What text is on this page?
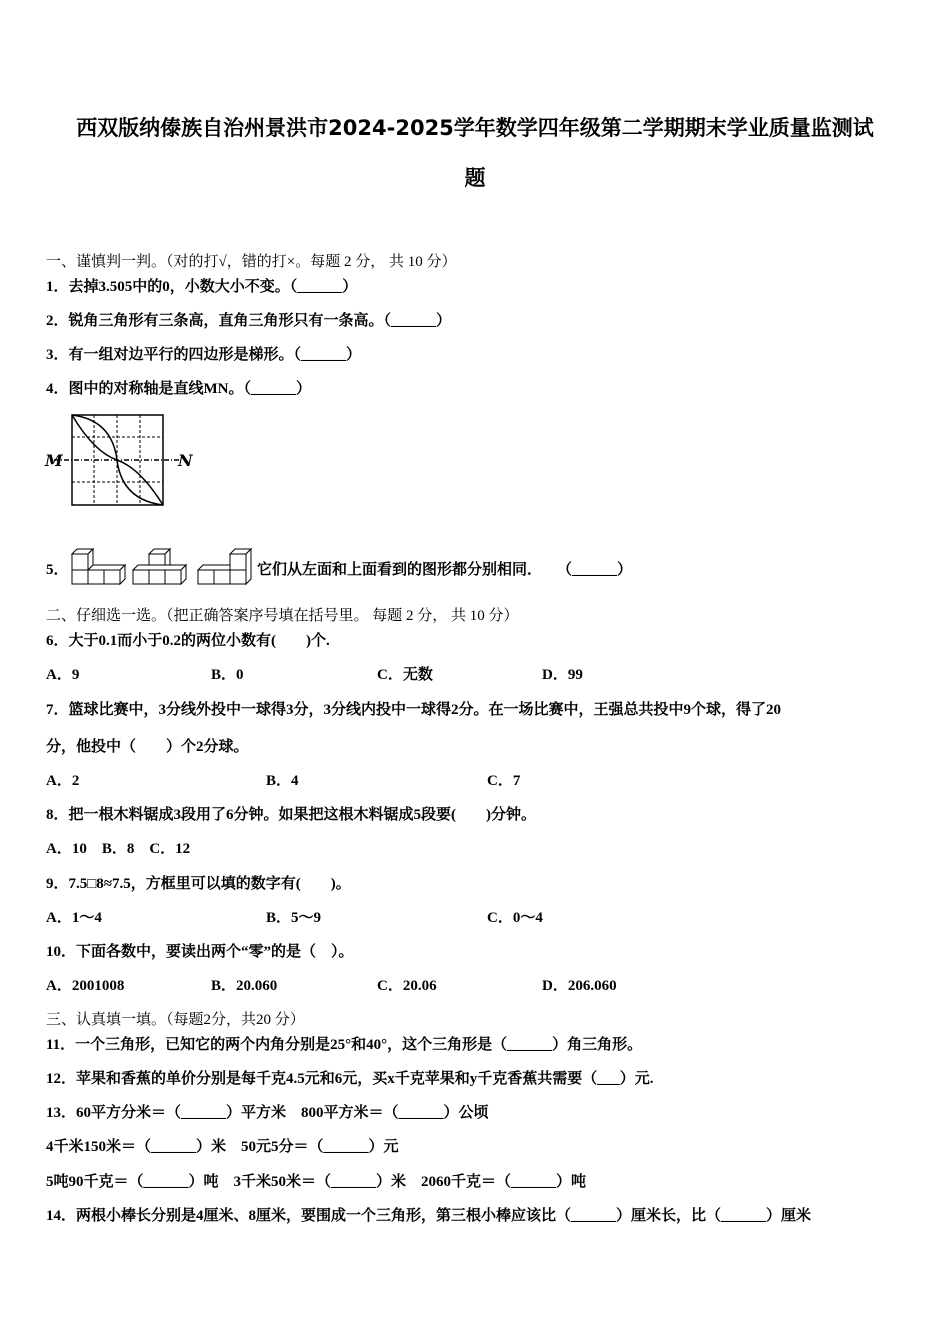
西双版纳傣族自治州景洪市2024-2025学年数学四年级第二学期期末学业质量监测试
题
一、谨慎判一判。（对的打√，错的打×。每题 2 分， 共 10 分）
1．去掉3.505中的0，小数大小不变。（______）
2．锐角三角形有三条高，直角三角形只有一条高。（______）
3．有一组对边平行的四边形是梯形。（______）
4．图中的对称轴是直线MN。（______）
M	N
5．	它们从左面和上面看到的图形都分别相同．　　（______）
二、仔细选一选。（把正确答案序号填在括号里。 每题 2 分， 共 10 分）
6．大于0.1而小于0.2的两位小数有(　　)个.
A．9	B．0	C．无数	D．99
7．篮球比赛中，3分线外投中一球得3分，3分线内投中一球得2分。在一场比赛中，王强总共投中9个球，得了20
分，他投中（　　）个2分球。
A．2	B．4	C．7
8．把一根木料锯成3段用了6分钟。如果把这根木料锯成5段要(　　)分钟。
A．10　B．8　C．12
9．7.5□8≈7.5，方框里可以填的数字有(　　)。
A．1～4	B．5～9	C．0～4
10．下面各数中，要读出两个“零”的是（　）。
A．2001008	B．20.060	C．20.06	D．206.060
三、认真填一填。（每题2分，共20 分）
11．一个三角形，已知它的两个内角分别是25°和40°，这个三角形是（______）角三角形。
12．苹果和香蕉的单价分别是每千克4.5元和6元，买x千克苹果和y千克香蕉共需要（___）元.
13．60平方分米＝（______）平方米　800平方米＝（______）公顷
4千米150米＝（______）米　50元5分＝（______）元
5吨90千克＝（______）吨　3千米50米＝（______）米　2060千克＝（______）吨
14．两根小棒长分别是4厘米、8厘米，要围成一个三角形，第三根小棒应该比（______）厘米长，比（______）厘米
